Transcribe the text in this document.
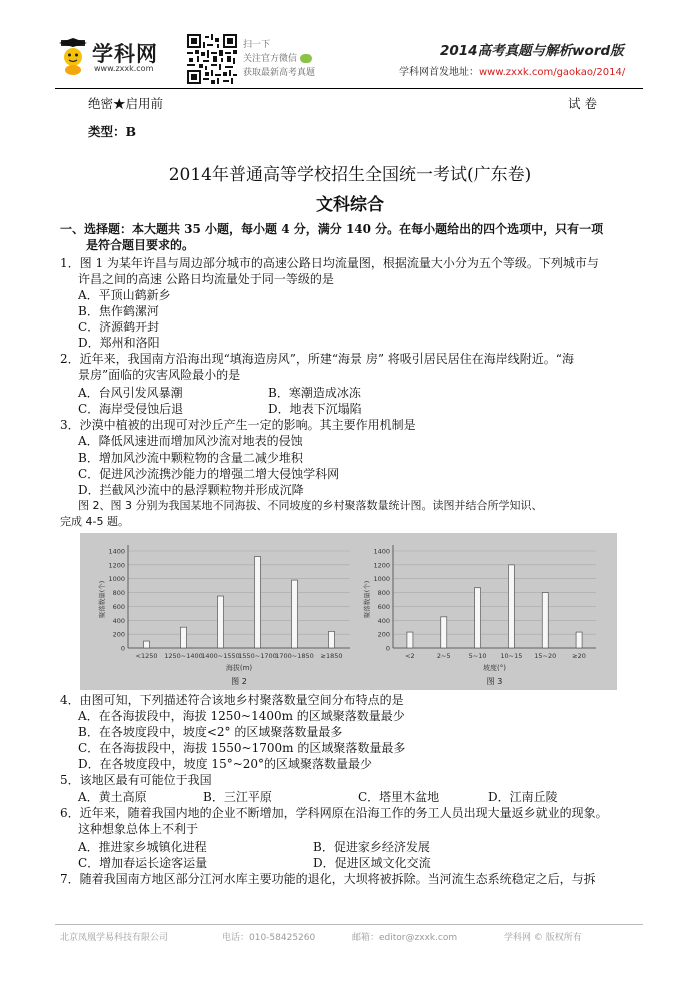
学科网
www.zxxk.com
扫一下
关注官方微信
获取最新高考真题
2014高考真题与解析word版
学科网首发地址：www.zxxk.com/gaokao/2014/
绝密★启用前	试 卷
类型：B
2014年普通高等学校招生全国统一考试(广东卷)
文科综合
一、选择题：本大题共 35 小题，每小题 4 分，满分 140 分。在每小题给出的四个选项中，只有一项
是符合题目要求的。
1．图 1 为某年许昌与周边部分城市的高速公路日均流量图，根据流量大小分为五个等级。下列城市与
许昌之间的高速 公路日均流量处于同一等级的是
A．平顶山鹤新乡
B．焦作鹤漯河
C．济源鹤开封
D．郑州和洛阳
2．近年来，我国南方沿海出现“填海造房风”，所建“海景 房” 将吸引居民居住在海岸线附近。“海
景房”面临的灾害风险最小的是
A．台风引发风暴潮	B．寒潮造成冰冻
C．海岸受侵蚀后退	D．地表下沉塌陷
3．沙漠中植被的出现可对沙丘产生一定的影响。其主要作用机制是
A．降低风速进而增加风沙流对地表的侵蚀
B．增加风沙流中颗粒物的含量二减少堆积
C．促进风沙流携沙能力的增强二增大侵蚀学科网
D．拦截风沙流中的悬浮颗粒物并形成沉降
图 2、图 3 分别为我国某地不同海拔、不同坡度的乡村聚落数量统计图。读图并结合所学知识、
完成 4-5 题。
0
200
400
600
800
1000
1200
1400
聚落数量(个)
<1250 1250~1400
1400~1550
1550~1700
1700~1850 ≥1850
海拔(m)
图 2
0
200
400
600
800
1000
1200
1400
聚落数量(个)
<2	2~5	5~10 10~15 15~20 ≥20
坡度(°)
图 3
4．由图可知，下列描述符合该地乡村聚落数量空间分布特点的是
A．在各海拔段中，海拔 1250~1400m 的区域聚落数量最少
B．在各坡度段中，坡度<2° 的区域聚落数量最多
C．在各海拔段中，海拔 1550~1700m 的区域聚落数量最多
D．在各坡度段中，坡度 15°~20°的区域聚落数量最少
5．该地区最有可能位于我国
A．黄土高原	B．三江平原	C．塔里木盆地	D．江南丘陵
6．近年来，随着我国内地的企业不断增加，学科网原在沿海工作的务工人员出现大量返乡就业的现象。
这种想象总体上不利于
A．推进家乡城镇化进程	B．促进家乡经济发展
C．增加春运长途客运量	D．促进区域文化交流
7．随着我国南方地区部分江河水库主要功能的退化，大坝将被拆除。当河流生态系统稳定之后，与拆
北京凤凰学易科技有限公司	电话：010-58425260	邮箱：editor@zxxk.com	学科网 © 版权所有
